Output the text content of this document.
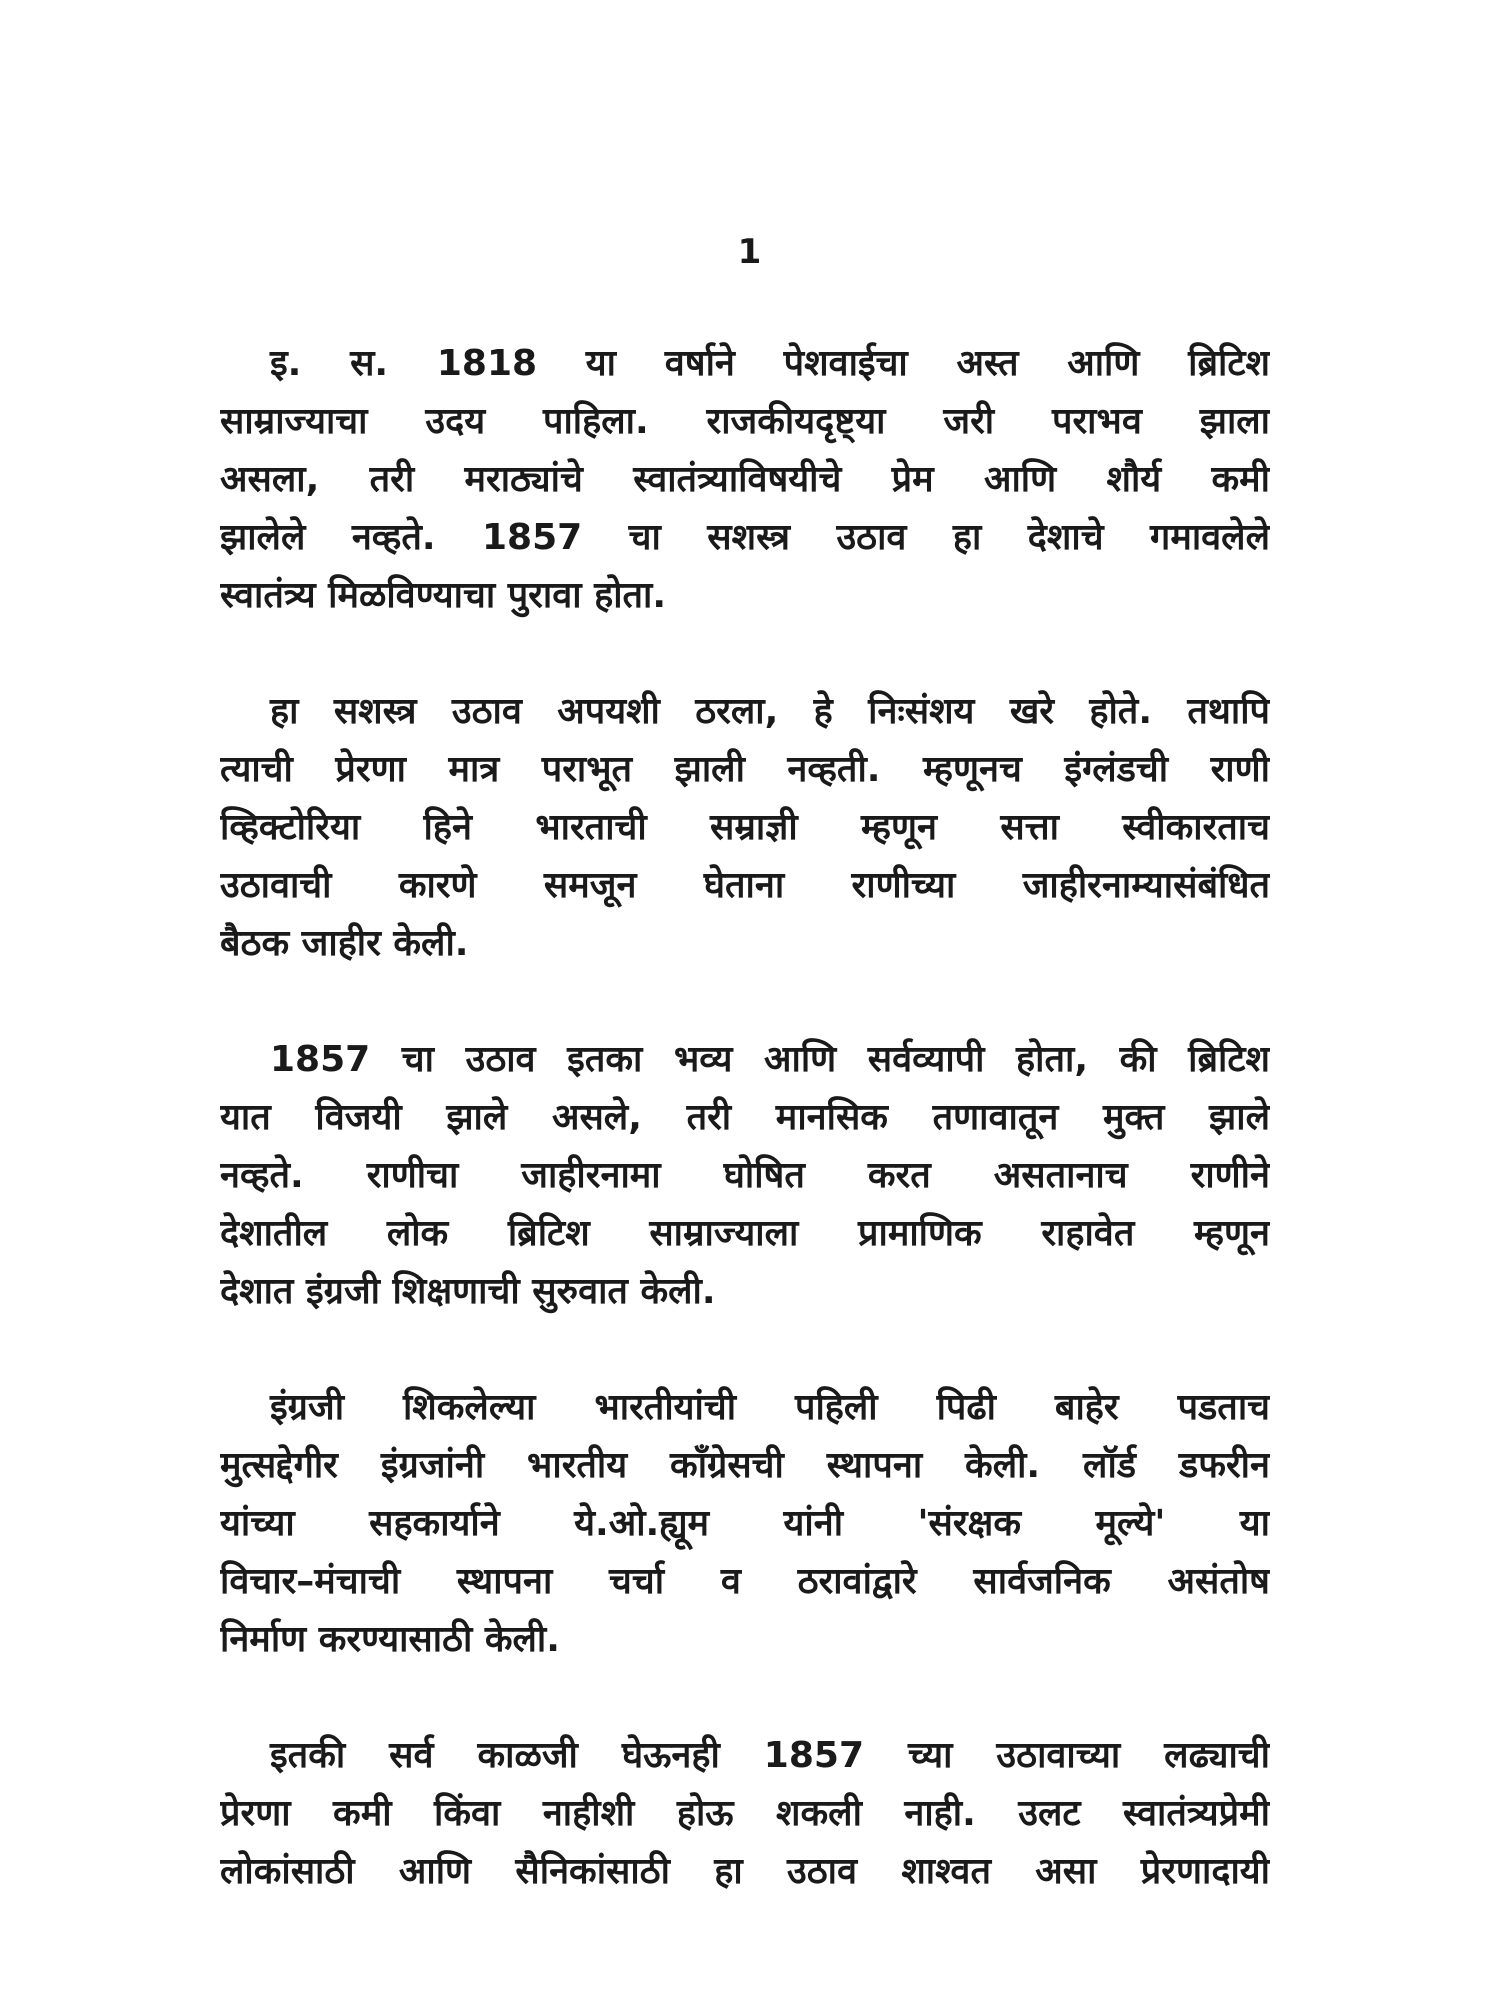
1

इ. स. 1818 या वर्षाने पेशवाईचा अस्त आणि ब्रिटिश
साम्राज्याचा उदय पाहिला. राजकीयदृष्ट्या जरी पराभव झाला
असला, तरी मराठ्यांचे स्वातंत्र्याविषयीचे प्रेम आणि शौर्य कमी
झालेले नव्हते. 1857 चा सशस्त्र उठाव हा देशाचे गमावलेले
स्वातंत्र्य मिळविण्याचा पुरावा होता.

हा सशस्त्र उठाव अपयशी ठरला, हे निःसंशय खरे होते. तथापि
त्याची प्रेरणा मात्र पराभूत झाली नव्हती. म्हणूनच इंग्लंडची राणी
व्हिक्टोरिया हिने भारताची सम्राज्ञी म्हणून सत्ता स्वीकारताच
उठावाची कारणे समजून घेताना राणीच्या जाहीरनाम्यासंबंधित
बैठक जाहीर केली.

1857 चा उठाव इतका भव्य आणि सर्वव्यापी होता, की ब्रिटिश
यात विजयी झाले असले, तरी मानसिक तणावातून मुक्त झाले
नव्हते. राणीचा जाहीरनामा घोषित करत असतानाच राणीने
देशातील लोक ब्रिटिश साम्राज्याला प्रामाणिक राहावेत म्हणून
देशात इंग्रजी शिक्षणाची सुरुवात केली.

इंग्रजी शिकलेल्या भारतीयांची पहिली पिढी बाहेर पडताच
मुत्सद्देगीर इंग्रजांनी भारतीय काँग्रेसची स्थापना केली. लॉर्ड डफरीन
यांच्या सहकार्याने ये.ओ.ह्यूम यांनी 'संरक्षक मूल्ये' या
विचार–मंचाची स्थापना चर्चा व ठरावांद्वारे सार्वजनिक असंतोष
निर्माण करण्यासाठी केली.

इतकी सर्व काळजी घेऊनही 1857 च्या उठावाच्या लढ्याची
प्रेरणा कमी किंवा नाहीशी होऊ शकली नाही. उलट स्वातंत्र्यप्रेमी
लोकांसाठी आणि सैनिकांसाठी हा उठाव शाश्वत असा प्रेरणादायी
